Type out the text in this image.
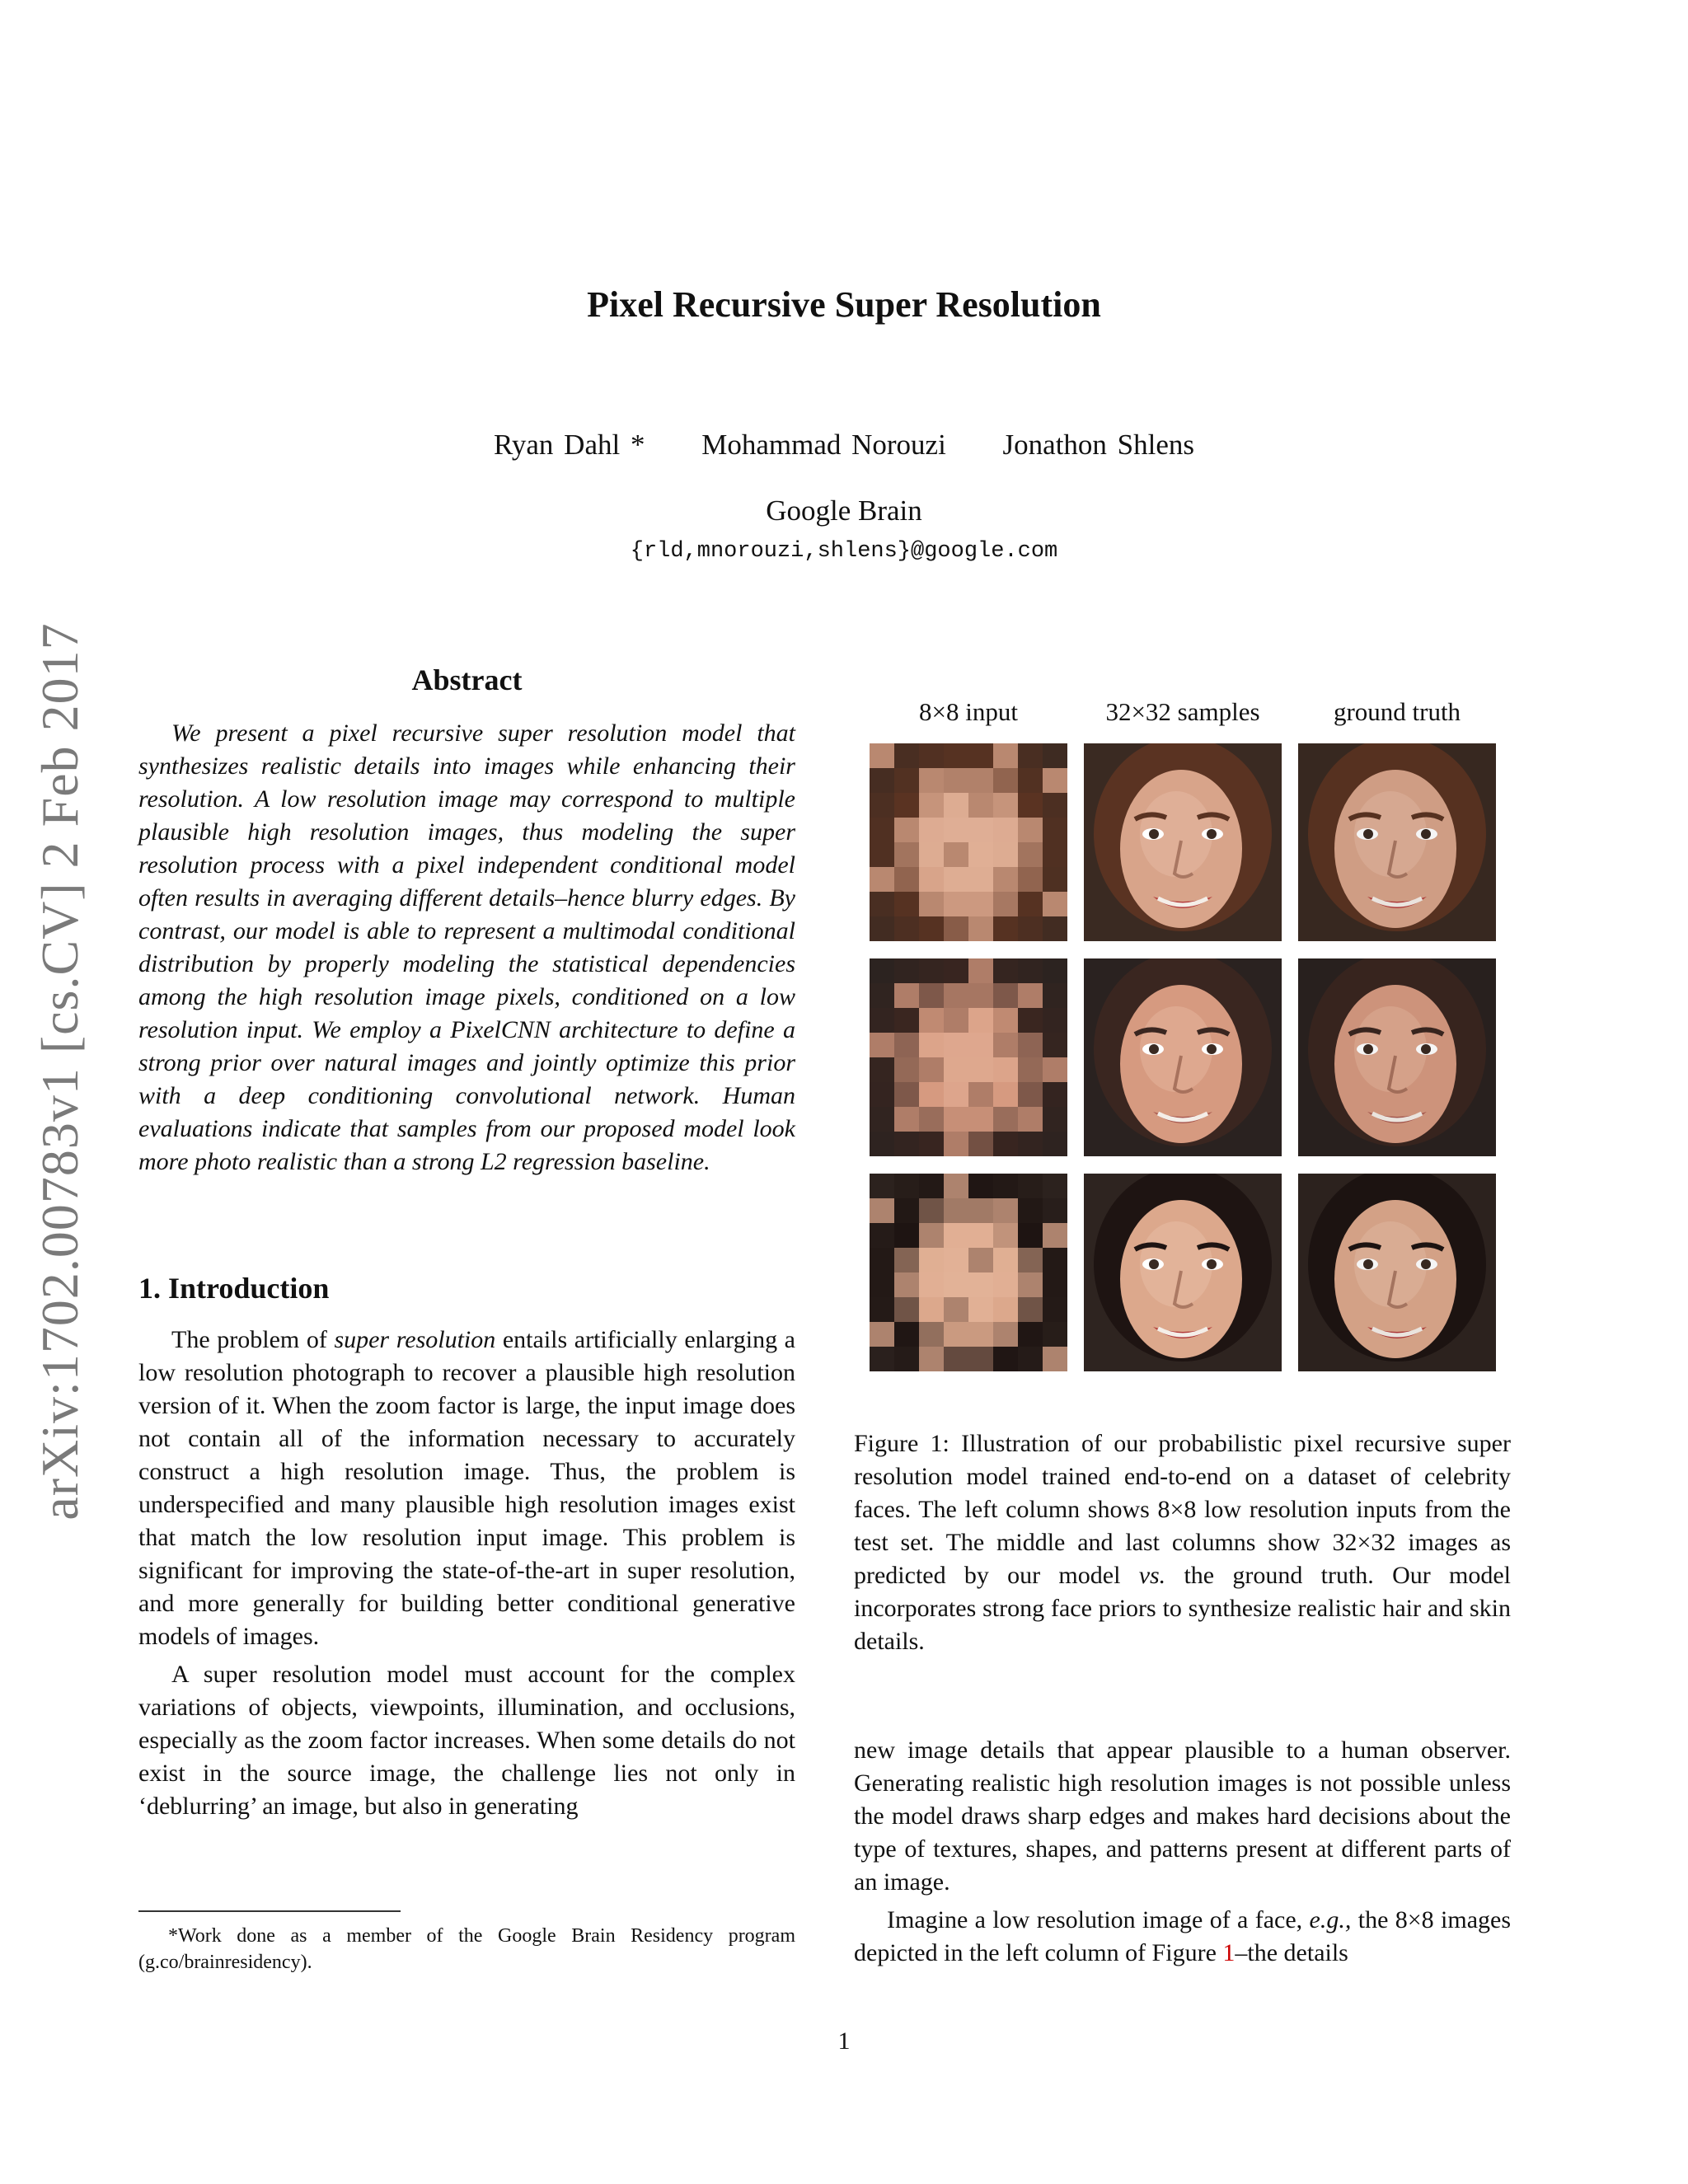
arXiv:1702.00783v1 [cs.CV] 2 Feb 2017
Pixel Recursive Super Resolution
Ryan Dahl * Mohammad Norouzi Jonathon Shlens
Google Brain
{rld,mnorouzi,shlens}@google.com
Abstract

We present a pixel recursive super resolution model that synthesizes realistic details into images while enhancing their resolution. A low resolution image may correspond to multiple plausible high resolution images, thus modeling the super resolution process with a pixel independent conditional model often results in averaging different details–hence blurry edges. By contrast, our model is able to represent a multimodal conditional distribution by properly modeling the statistical dependencies among the high resolution image pixels, conditioned on a low resolution input. We employ a PixelCNN architecture to define a strong prior over natural images and jointly optimize this prior with a deep conditioning convolutional network. Human evaluations indicate that samples from our proposed model look more photo realistic than a strong L2 regression baseline.

1. Introduction

The problem of super resolution entails artificially enlarging a low resolution photograph to recover a plausible high resolution version of it. When the zoom factor is large, the input image does not contain all of the information necessary to accurately construct a high resolution image. Thus, the problem is underspecified and many plausible high resolution images exist that match the low resolution input image. This problem is significant for improving the state-of-the-art in super resolution, and more generally for building better conditional generative models of images.

A super resolution model must account for the complex variations of objects, viewpoints, illumination, and occlusions, especially as the zoom factor increases. When some details do not exist in the source image, the challenge lies not only in ‘deblurring’ an image, but also in generating

*Work done as a member of the Google Brain Residency program (g.co/brainresidency).
8×8 input	32×32 samples	ground truth
Figure 1: Illustration of our probabilistic pixel recursive super resolution model trained end-to-end on a dataset of celebrity faces. The left column shows 8×8 low resolution inputs from the test set. The middle and last columns show 32×32 images as predicted by our model vs. the ground truth. Our model incorporates strong face priors to synthesize realistic hair and skin details.

new image details that appear plausible to a human observer. Generating realistic high resolution images is not possible unless the model draws sharp edges and makes hard decisions about the type of textures, shapes, and patterns present at different parts of an image.

Imagine a low resolution image of a face, e.g., the 8×8 images depicted in the left column of Figure 1–the details

1
